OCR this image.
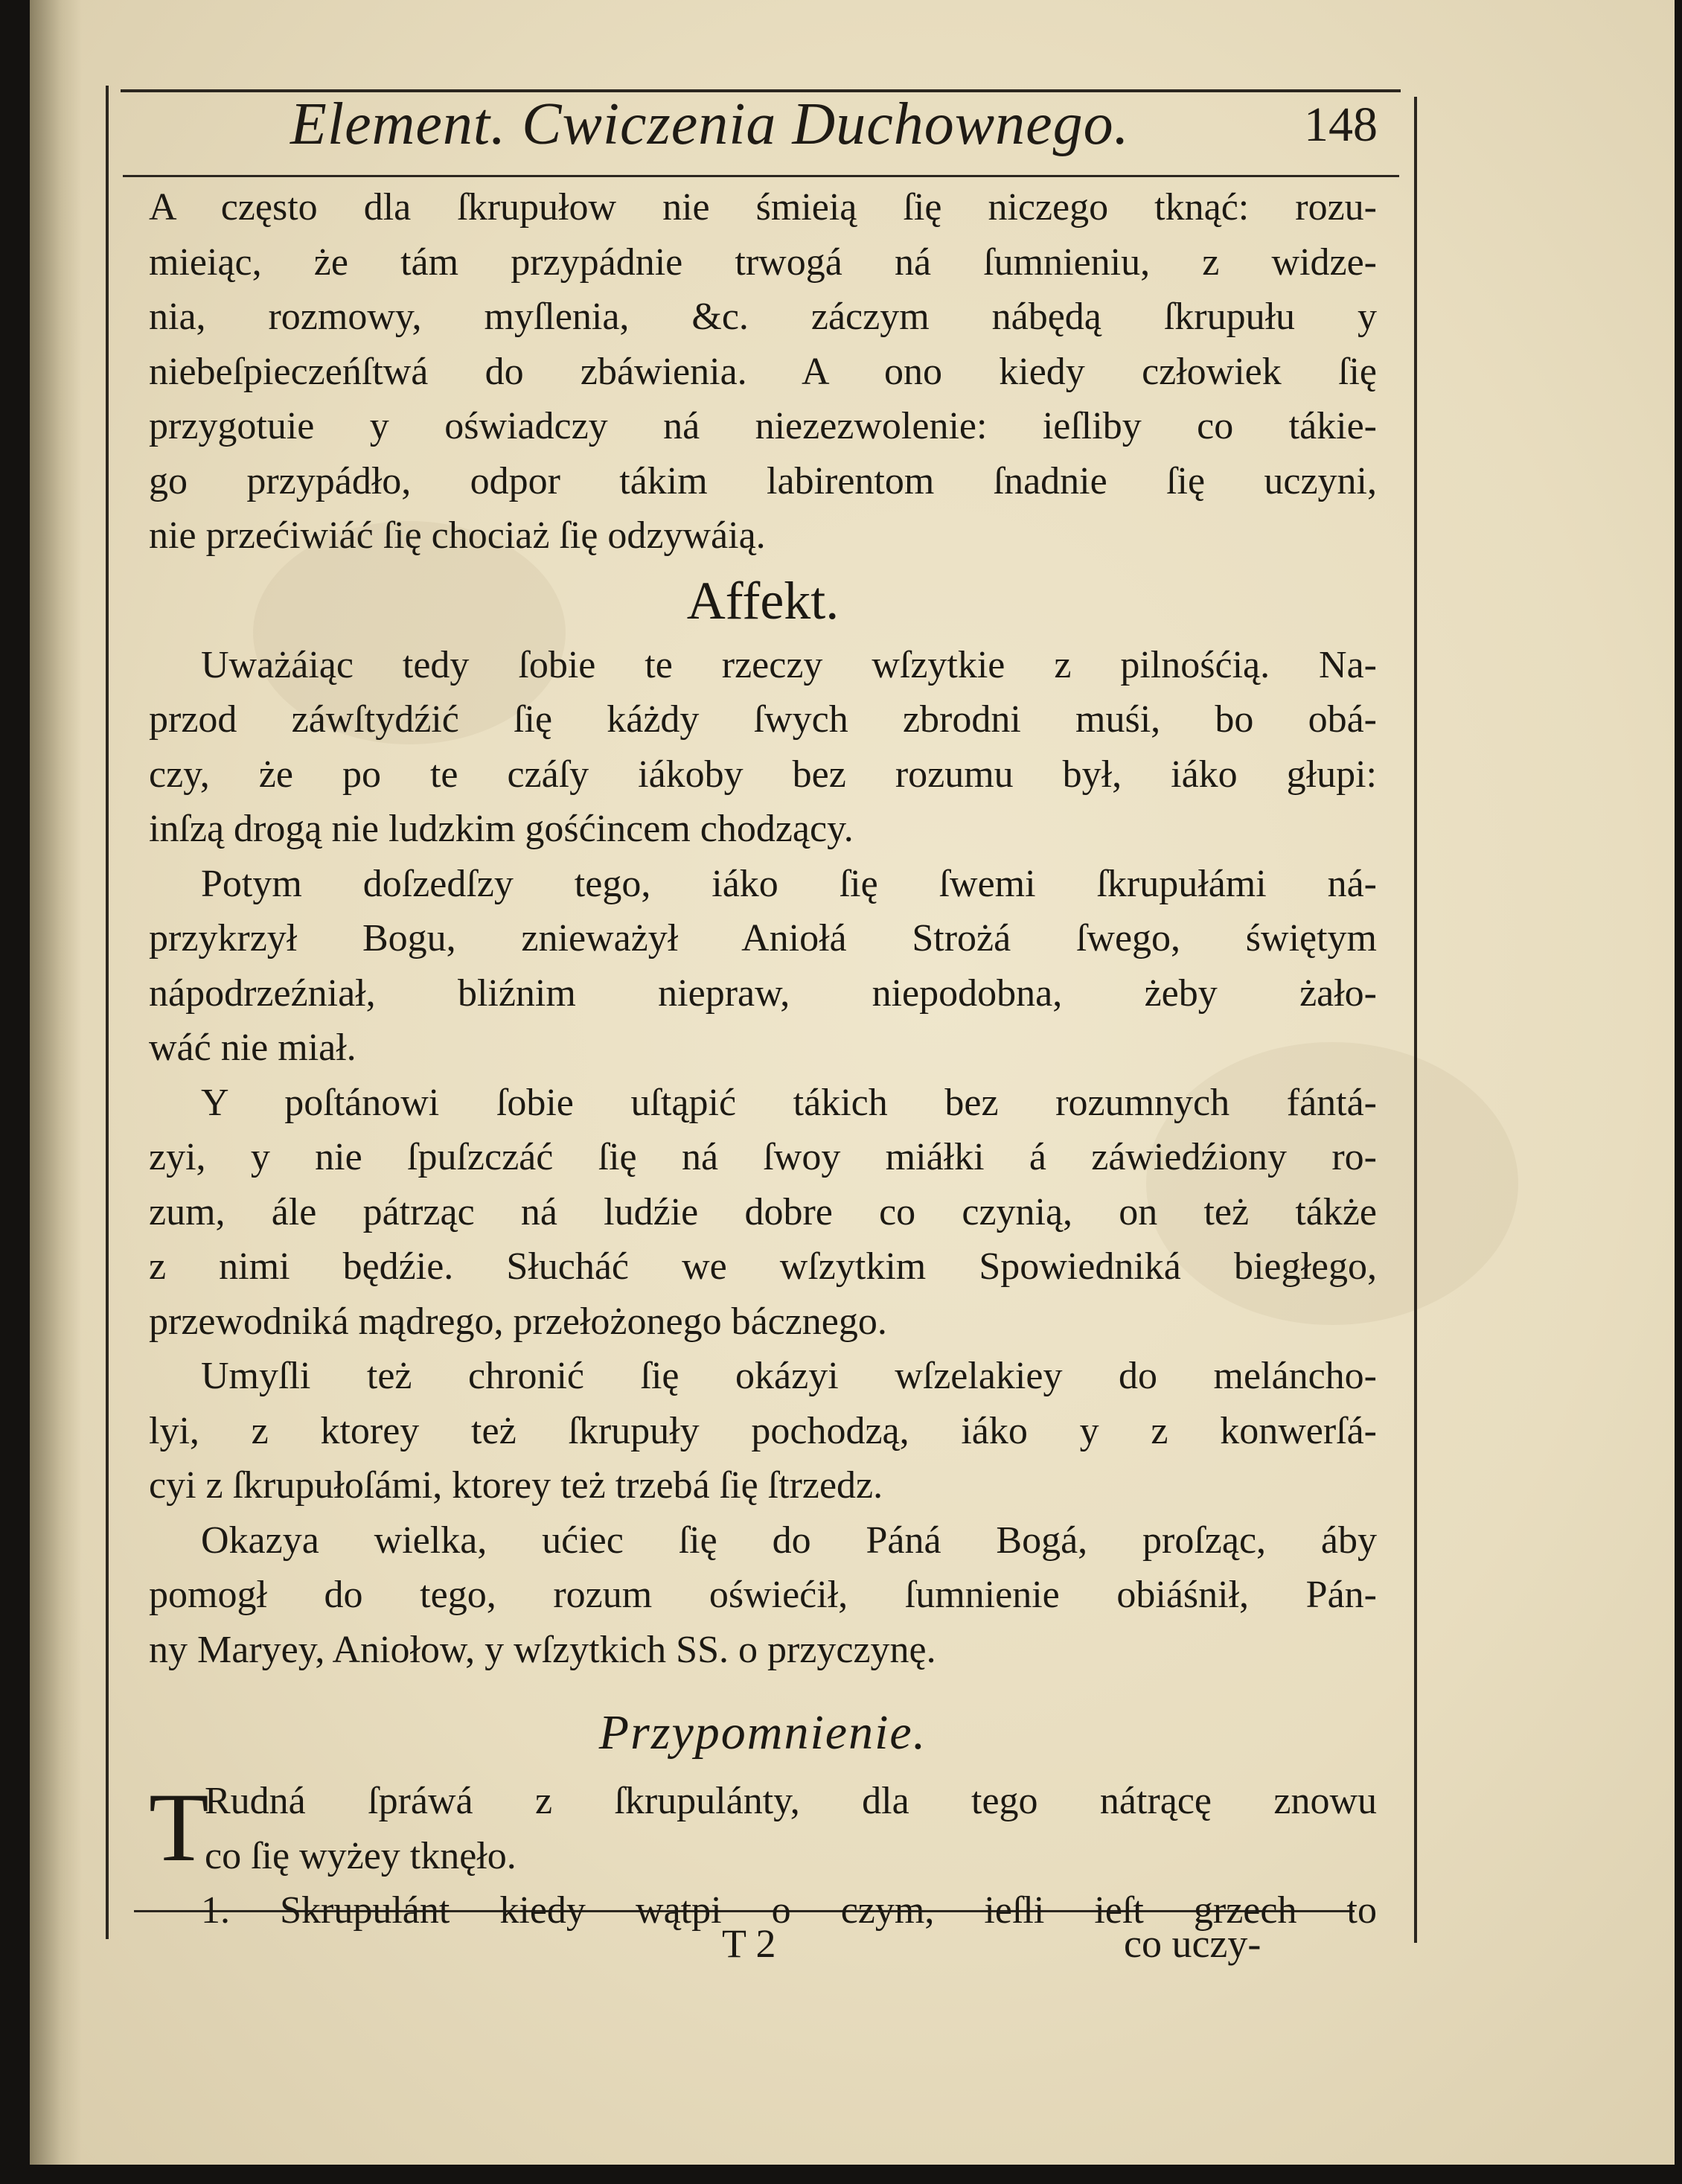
Element. Cwiczenia Duchownego.	148
A często dla ſkrupułow nie śmieią ſię niczego tknąć: rozu-
mieiąc, że tám przypádnie trwogá ná ſumnieniu, z widze-
nia, rozmowy, myſlenia, &c. záczym nábędą ſkrupułu y
niebeſpieczeńſtwá do zbáwienia. A ono kiedy człowiek ſię
przygotuie y oświadczy ná niezezwolenie: ieſliby co tákie-
go przypádło, odpor tákim labirentom ſnadnie ſię uczyni,
nie przećiwiáć ſię chociaż ſię odzywáią.
Affekt.
Uważáiąc tedy ſobie te rzeczy wſzytkie z pilnośćią. Na-
przod záwſtydźić ſię káżdy ſwych zbrodni muśi, bo obá-
czy, że po te czáſy iákoby bez rozumu był, iáko głupi:
inſzą drogą nie ludzkim gośćincem chodzący.
Potym doſzedſzy tego, iáko ſię ſwemi ſkrupułámi ná-
przykrzył Bogu, znieważył Aniołá Strożá ſwego, świętym
nápodrzeźniał, bliźnim niepraw, niepodobna, żeby żało-
wáć nie miał.
Y poſtánowi ſobie uſtąpić tákich bez rozumnych fántá-
zyi, y nie ſpuſzczáć ſię ná ſwoy miáłki á záwiedźiony ro-
zum, ále pátrząc ná ludźie dobre co czynią, on też tákże
z nimi będźie. Słucháć we wſzytkim Spowiedniká biegłego,
przewodniká mądrego, przełożonego bácznego.
Umyſli też chronić ſię okázyi wſzelakiey do meláncho-
lyi, z ktorey też ſkrupuły pochodzą, iáko y z konwerſá-
cyi z ſkrupułoſámi, ktorey też trzebá ſię ſtrzedz.
Okazya wielka, ućiec ſię do Páná Bogá, proſząc, áby
pomogł do tego, rozum oświećił, ſumnienie obiáśnił, Pán-
ny Maryey, Aniołow, y wſzytkich SS. o przyczynę.
Przypomnienie.
T
Rudná ſpráwá z ſkrupulánty, dla tego nátrącę znowu
co ſię wyżey tknęło.
1. Skrupulánt kiedy wątpi o czym, ieſli ieſt grzech to
T 2	co uczy-
